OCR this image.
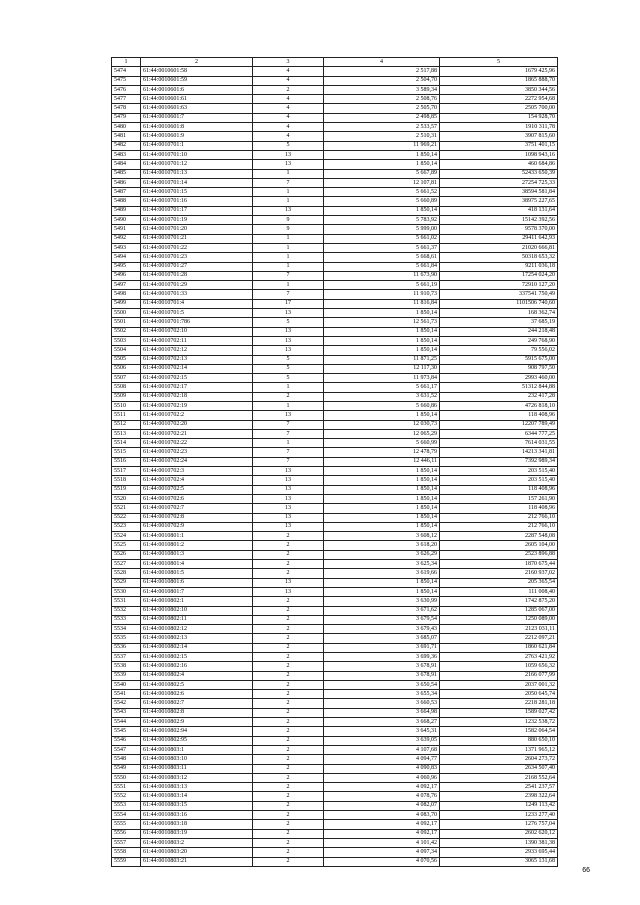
1	2	3	4	5
5474	61:44:0010601:58	4	2 517,88	1679 425,96
5475	61:44:0010601:59	4	2 504,70	1865 888,70
5476	61:44:0010601:6	2	3 589,34	3850 344,56
5477	61:44:0010601:61	4	2 508,76	2272 954,68
5478	61:44:0010601:63	4	2 505,70	2505 700,00
5479	61:44:0010601:7	4	2 498,85	154 928,70
5480	61:44:0010601:8	4	2 533,57	1910 311,78
5481	61:44:0010601:9	4	2 510,31	3907 815,60
5482	61:44:0010701:1	5	11 969,21	3751 401,15
5483	61:44:0010701:10	13	1 850,14	1098 943,16
5484	61:44:0010701:12	13	1 850,14	460 684,86
5485	61:44:0010701:13	1	5 667,89	52433 650,39
5486	61:44:0010701:14	7	12 107,81	27254 725,33
5487	61:44:0010701:15	1	5 661,52	38594 581,84
5488	61:44:0010701:16	1	5 660,89	38975 227,65
5489	61:44:0010701:17	13	1 850,14	418 131,64
5490	61:44:0010701:19	9	5 783,92	15142 392,56
5491	61:44:0010701:20	9	5 999,00	9578 370,00
5492	61:44:0010701:21	1	5 661,02	29411 642,93
5493	61:44:0010701:22	1	5 661,37	21020 666,81
5494	61:44:0010701:23	1	5 668,61	50318 653,32
5495	61:44:0010701:27	1	5 661,84	9211 036,18
5496	61:44:0010701:28	7	11 673,90	17254 024,20
5497	61:44:0010701:29	1	5 661,19	72910 127,20
5498	61:44:0010701:33	7	11 910,73	337541 750,49
5499	61:44:0010701:4	17	11 816,84	1101506 740,60
5500	61:44:0010701:5	13	1 850,14	168 362,74
5501	61:44:0010701:786	5	12 561,73	37 685,19
5502	61:44:0010702:10	13	1 850,14	244 218,48
5503	61:44:0010702:11	13	1 850,14	249 768,90
5504	61:44:0010702:12	13	1 850,14	79 556,02
5505	61:44:0010702:13	5	11 871,25	5915 675,00
5506	61:44:0010702:14	5	12 117,30	908 797,50
5507	61:44:0010702:15	5	11 973,84	2993 460,00
5508	61:44:0010702:17	1	5 661,17	51312 844,88
5509	61:44:0010702:18	2	3 631,52	232 417,28
5510	61:44:0010702:19	1	5 660,86	4726 818,10
5511	61:44:0010702:2	13	1 850,14	118 408,96
5512	61:44:0010702:20	7	12 030,73	12207 789,49
5513	61:44:0010702:21	7	12 065,29	6344 777,25
5514	61:44:0010702:22	1	5 660,99	7614 031,55
5515	61:44:0010702:23	7	12 478,79	14213 341,81
5516	61:44:0010702:24	7	12 446,11	7392 989,34
5517	61:44:0010702:3	13	1 850,14	203 515,40
5518	61:44:0010702:4	13	1 850,14	203 515,40
5519	61:44:0010702:5	13	1 850,14	118 408,96
5520	61:44:0010702:6	13	1 850,14	157 261,90
5521	61:44:0010702:7	13	1 850,14	118 408,96
5522	61:44:0010702:8	13	1 850,14	212 766,10
5523	61:44:0010702:9	13	1 850,14	212 766,10
5524	61:44:0010801:1	2	3 608,12	2287 548,08
5525	61:44:0010801:2	2	3 618,20	2605 104,00
5526	61:44:0010801:3	2	3 626,29	2523 896,88
5527	61:44:0010801:4	2	3 625,34	1870 675,44
5528	61:44:0010801:5	2	3 619,66	2160 937,02
5529	61:44:0010801:6	13	1 850,14	205 365,54
5530	61:44:0010801:7	13	1 850,14	111 008,40
5531	61:44:0010802:1	2	3 630,99	1742 875,20
5532	61:44:0010802:10	2	3 671,62	1285 067,00
5533	61:44:0010802:11	2	3 679,54	1250 089,00
5534	61:44:0010802:12	2	3 679,43	2123 031,11
5535	61:44:0010802:13	2	3 685,07	2212 097,21
5536	61:44:0010802:14	2	3 691,71	1860 621,84
5537	61:44:0010802:15	2	3 699,36	2763 421,92
5538	61:44:0010802:16	2	3 678,91	1059 656,32
5539	61:44:0010802:4	2	3 678,91	2166 077,99
5540	61:44:0010802:5	2	3 650,54	2037 001,32
5541	61:44:0010802:6	2	3 655,34	2050 645,74
5542	61:44:0010802:7	2	3 660,53	2218 281,18
5543	61:44:0010802:8	2	3 664,98	1589 027,42
5544	61:44:0010802:9	2	3 668,27	1232 538,72
5545	61:44:0010802:94	2	3 645,31	1582 064,54
5546	61:44:0010802:95	2	3 639,05	880 650,10
5547	61:44:0010803:1	2	4 107,68	1371 965,12
5548	61:44:0010803:10	2	4 094,77	2604 273,72
5549	61:44:0010803:11	2	4 090,83	2634 507,40
5550	61:44:0010803:12	2	4 060,96	2168 552,64
5551	61:44:0010803:13	2	4 092,17	2541 237,57
5552	61:44:0010803:14	2	4 078,76	2398 322,64
5553	61:44:0010803:15	2	4 082,07	1249 113,42
5554	61:44:0010803:16	2	4 083,70	1233 277,40
5555	61:44:0010803:18	2	4 092,17	1276 757,04
5556	61:44:0010803:19	2	4 092,17	2602 620,12
5557	61:44:0010803:2	2	4 101,42	1390 381,38
5558	61:44:0010803:20	2	4 097,34	2933 695,44
5559	61:44:0010803:21	2	4 070,56	3065 131,68
66
